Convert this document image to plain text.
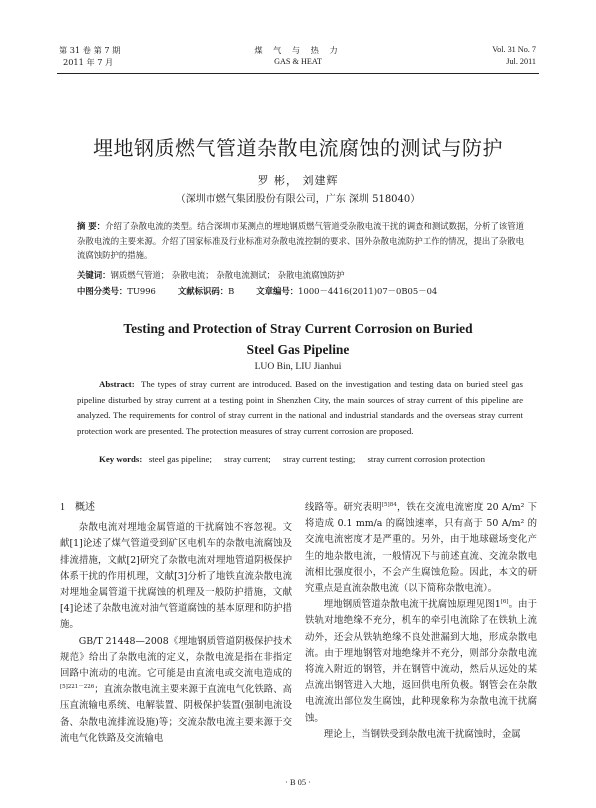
第 31 卷 第 7 期
2011 年 7 月
煤 气 与 热 力
GAS & HEAT
Vol. 31 No. 7
Jul. 2011
埋地钢质燃气管道杂散电流腐蚀的测试与防护
罗 彬， 刘建辉
（深圳市燃气集团股份有限公司，广东 深圳 518040）
摘 要：介绍了杂散电流的类型。结合深圳市某测点的埋地钢质燃气管道受杂散电流干扰的调查和测试数据，分析了该管道杂散电流的主要来源。介绍了国家标准及行业标准对杂散电流控制的要求、国外杂散电流防护工作的情况，提出了杂散电流腐蚀防护的措施。
关键词：钢质燃气管道； 杂散电流； 杂散电流测试； 杂散电流腐蚀防护
中图分类号：TU996	文献标识码：B	文章编号：1000－4416(2011)07－0B05－04
Testing and Protection of Stray Current Corrosion on Buried
Steel Gas Pipeline
LUO Bin, LIU Jianhui
Abstract: The types of stray current are introduced. Based on the investigation and testing data on buried steel gas pipeline disturbed by stray current at a testing point in Shenzhen City, the main sources of stray current of this pipeline are analyzed. The requirements for control of stray current in the national and industrial standards and the overseas stray current protection work are presented. The protection measures of stray current corrosion are proposed.
Key words: steel gas pipeline; stray current; stray current testing; stray current corrosion protection
1 概述

杂散电流对埋地金属管道的干扰腐蚀不容忽视。文献[1]论述了煤气管道受到矿区电机车的杂散电流腐蚀及排流措施，文献[2]研究了杂散电流对埋地管道阴极保护体系干扰的作用机理，文献[3]分析了地铁直流杂散电流对埋地金属管道干扰腐蚀的机理及一般防护措施，文献[4]论述了杂散电流对油气管道腐蚀的基本原理和防护措施。

GB/T 21448—2008《埋地钢质管道阴极保护技术规范》给出了杂散电流的定义，杂散电流是指在非指定回路中流动的电流。它可能是由直流电或交流电造成的$^{[5]221-226}$；直流杂散电流主要来源于直流电气化铁路、高压直流输电系统、电解装置、阴极保护装置(强制电流设备、杂散电流排流设施)等；交流杂散电流主要来源于交流电气化铁路及交流输电

线路等。研究表明$^{[5]84}$，铁在交流电流密度 20 A/m² 下将造成 0.1 mm/a 的腐蚀速率，只有高于 50 A/m² 的交流电流密度才是严重的。另外，由于地球磁场变化产生的地杂散电流，一般情况下与前述直流、交流杂散电流相比强度很小，不会产生腐蚀危险。因此，本文的研究重点是直流杂散电流（以下简称杂散电流）。

埋地钢质管道杂散电流干扰腐蚀原理见图1[6]。由于铁轨对地绝缘不充分，机车的牵引电流除了在铁轨上流动外，还会从铁轨绝缘不良处泄漏到大地，形成杂散电流。由于埋地钢管对地绝缘并不充分，则部分杂散电流将流入附近的钢管，并在钢管中流动，然后从远处的某点流出钢管进入大地，返回供电所负极。钢管会在杂散电流流出部位发生腐蚀，此种现象称为杂散电流干扰腐蚀。

理论上，当钢铁受到杂散电流干扰腐蚀时，金属

· B 05 ·
